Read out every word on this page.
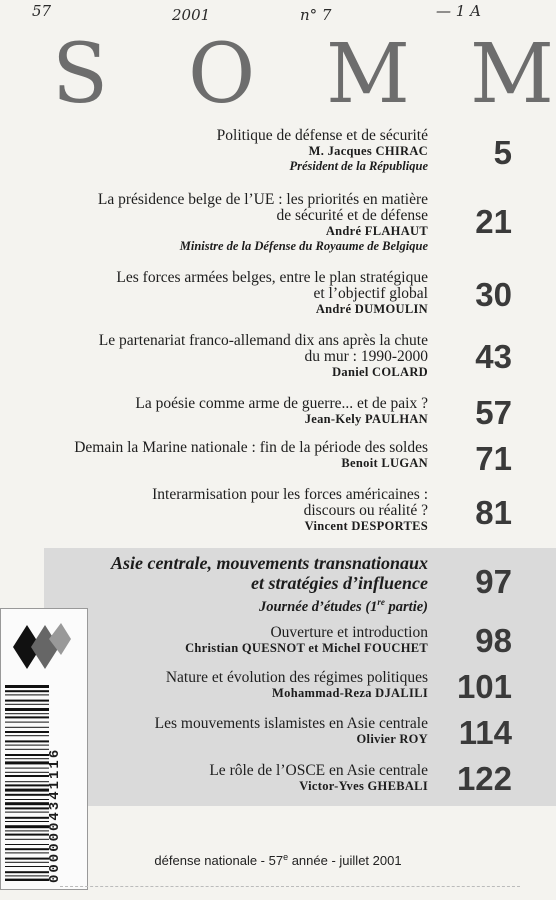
57	2001	n° 7	— 1 A
S O M M
Politique de défense et de sécurité
M. Jacques CHIRAC
Président de la République 5
La présidence belge de l’UE : les priorités en matière
de sécurité et de défense
André FLAHAUT
Ministre de la Défense du Royaume de Belgique
21
Les forces armées belges, entre le plan stratégique
et l’objectif global
André DUMOULIN 30
Le partenariat franco-allemand dix ans après la chute
du mur : 1990-2000
Daniel COLARD 43
La poésie comme arme de guerre... et de paix ?
Jean-Kely PAULHAN 57
Demain la Marine nationale : fin de la période des soldes
Benoit LUGAN 71
Interarmisation pour les forces américaines :
discours ou réalité ?
Vincent DESPORTES 81
Asie centrale, mouvements transnationaux
et stratégies d’influence
Journée d’études (1re partie)
97
Ouverture et introduction
Christian QUESNOT et Michel FOUCHET 98
Nature et évolution des régimes politiques
Mohammad-Reza DJALILI 101
Les mouvements islamistes en Asie centrale
Olivier ROY 114
Le rôle de l’OSCE en Asie centrale
Victor-Yves GHEBALI 122
0000004341116	défense nationale - 57e année - juillet 2001
